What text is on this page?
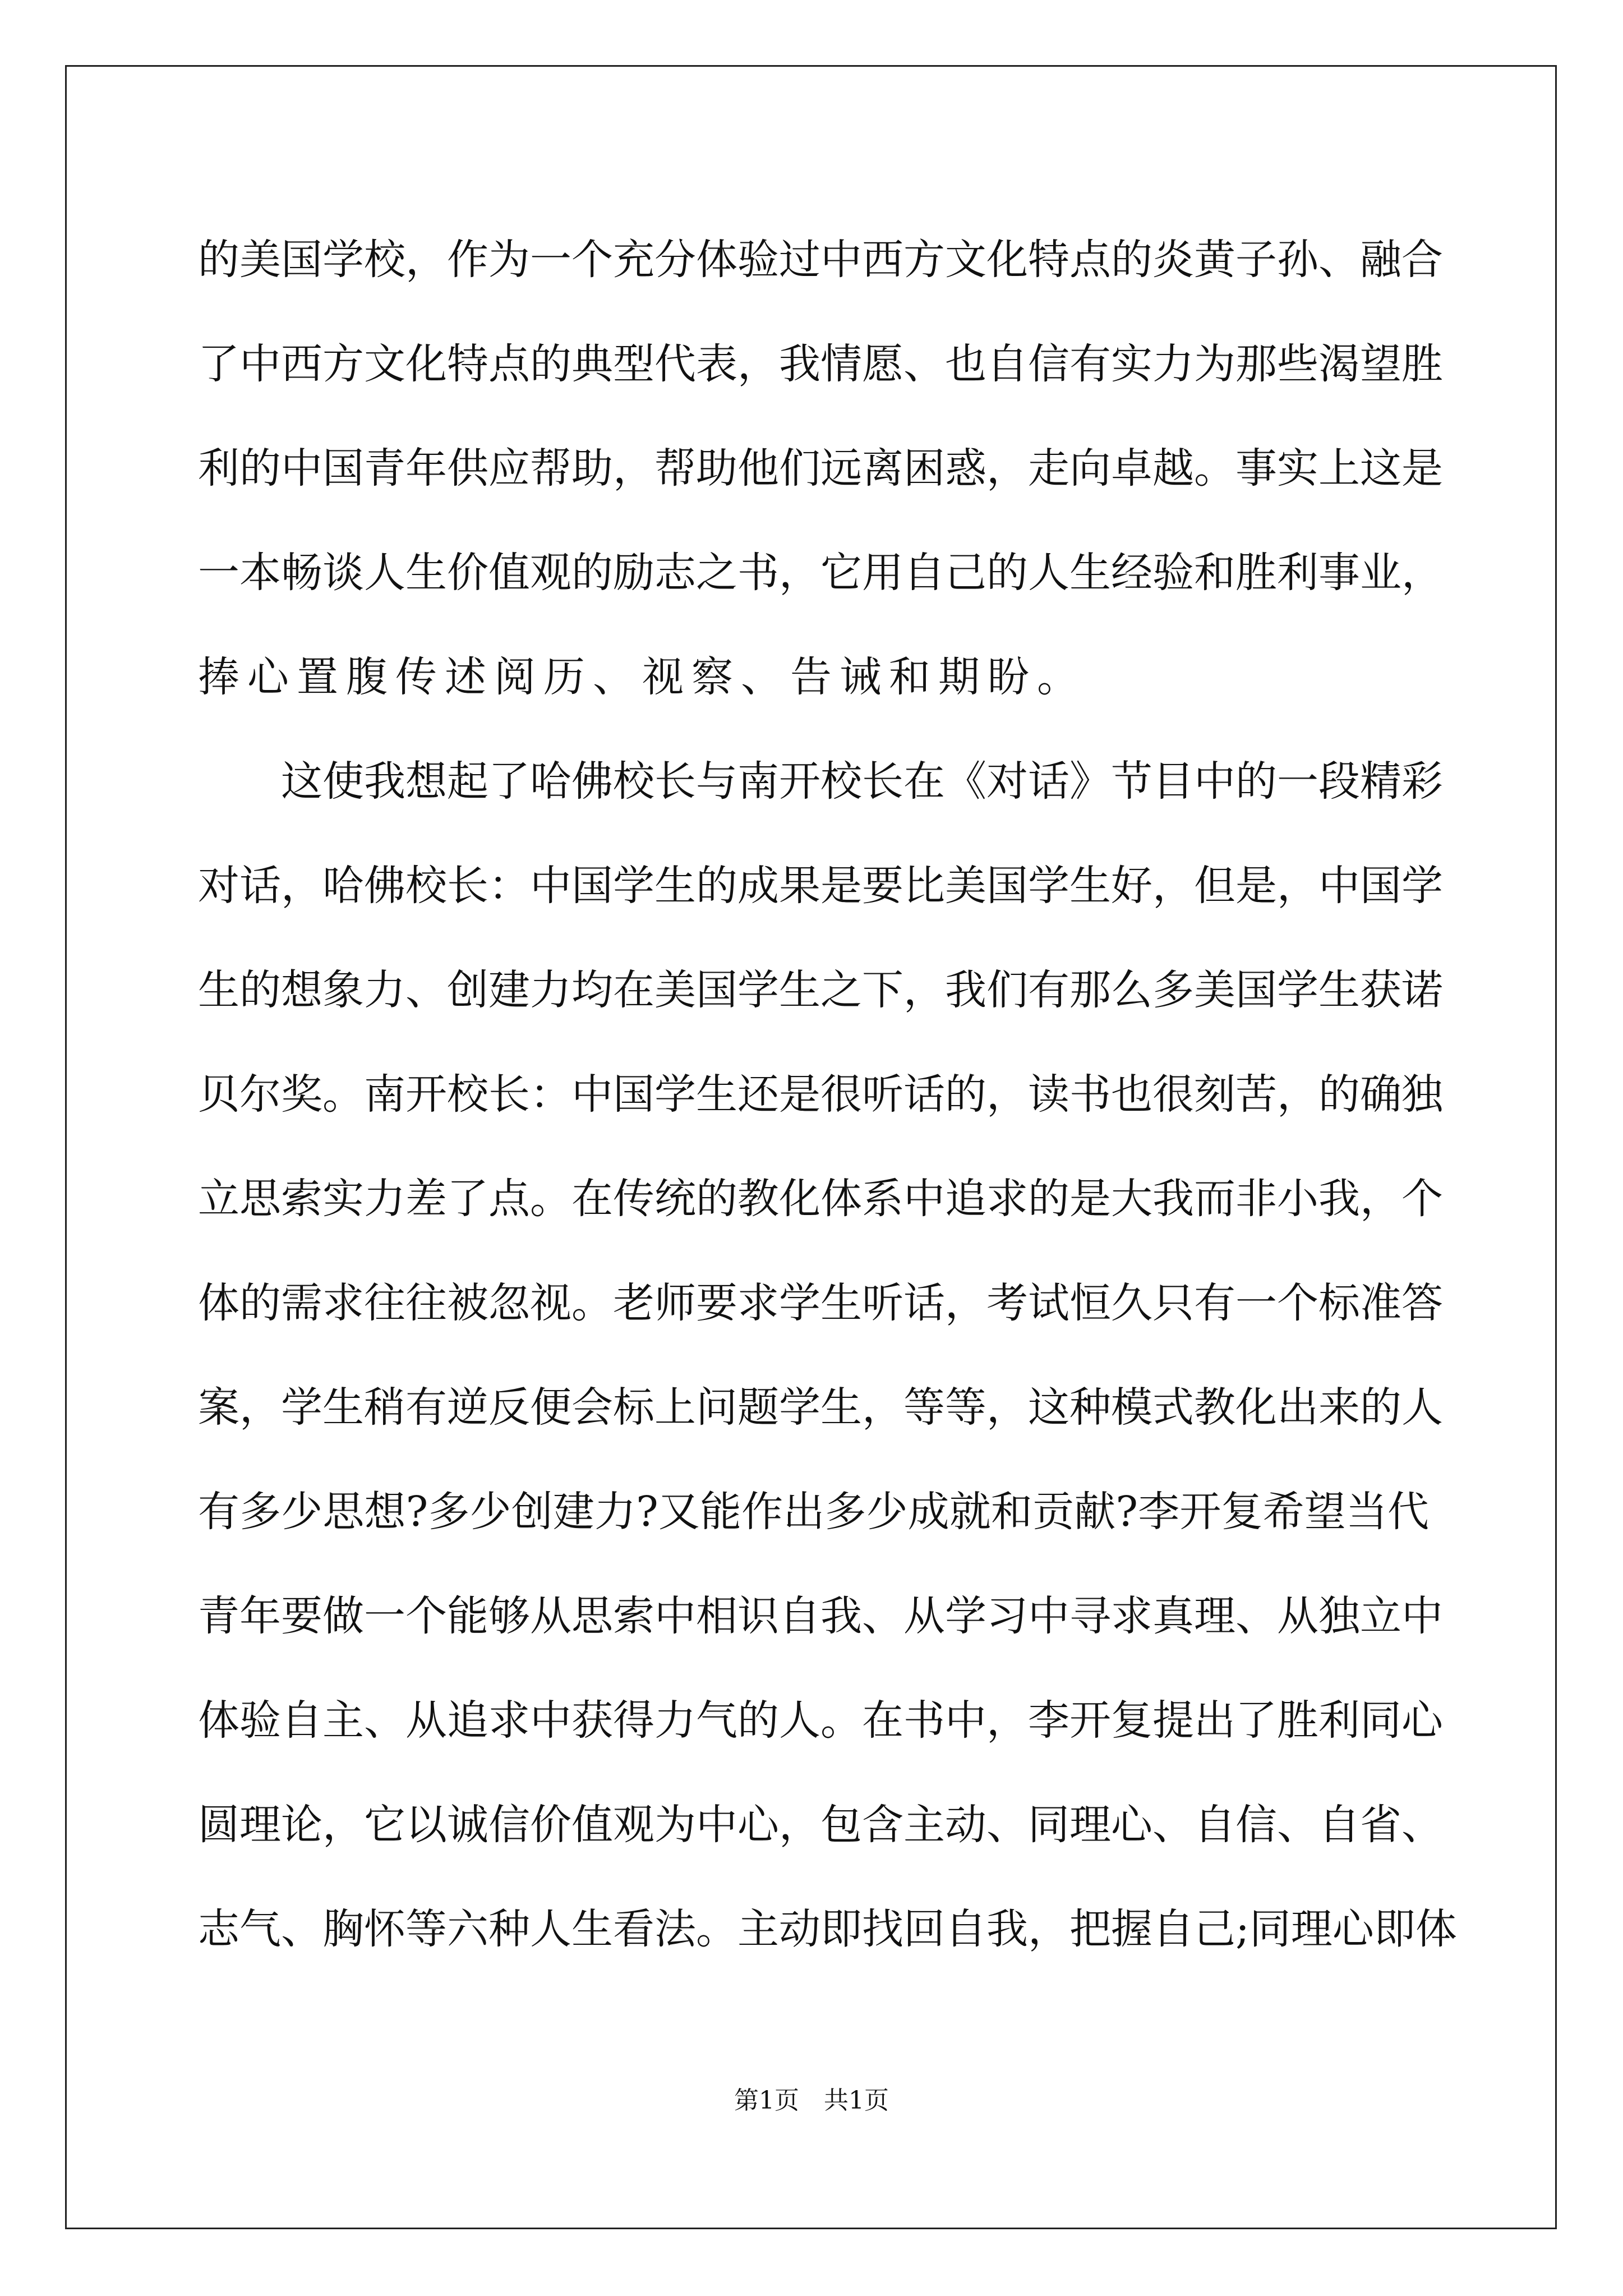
的美国学校，作为一个充分体验过中西方文化特点的炎黄子孙、融合
了中西方文化特点的典型代表，我情愿、也自信有实力为那些渴望胜
利的中国青年供应帮助，帮助他们远离困惑，走向卓越。事实上这是
一本畅谈人生价值观的励志之书，它用自己的人生经验和胜利事业，
捧心置腹传述阅历、视察、告诫和期盼。
这使我想起了哈佛校长与南开校长在《对话》节目中的一段精彩
对话，哈佛校长：中国学生的成果是要比美国学生好，但是，中国学
生的想象力、创建力均在美国学生之下，我们有那么多美国学生获诺
贝尔奖。南开校长：中国学生还是很听话的，读书也很刻苦，的确独
立思索实力差了点。在传统的教化体系中追求的是大我而非小我，个
体的需求往往被忽视。老师要求学生听话，考试恒久只有一个标准答
案，学生稍有逆反便会标上问题学生，等等，这种模式教化出来的人
有多少思想?多少创建力?又能作出多少成就和贡献?李开复希望当代
青年要做一个能够从思索中相识自我、从学习中寻求真理、从独立中
体验自主、从追求中获得力气的人。在书中，李开复提出了胜利同心
圆理论，它以诚信价值观为中心，包含主动、同理心、自信、自省、
志气、胸怀等六种人生看法。主动即找回自我，把握自己;同理心即体
第1页 共1页
